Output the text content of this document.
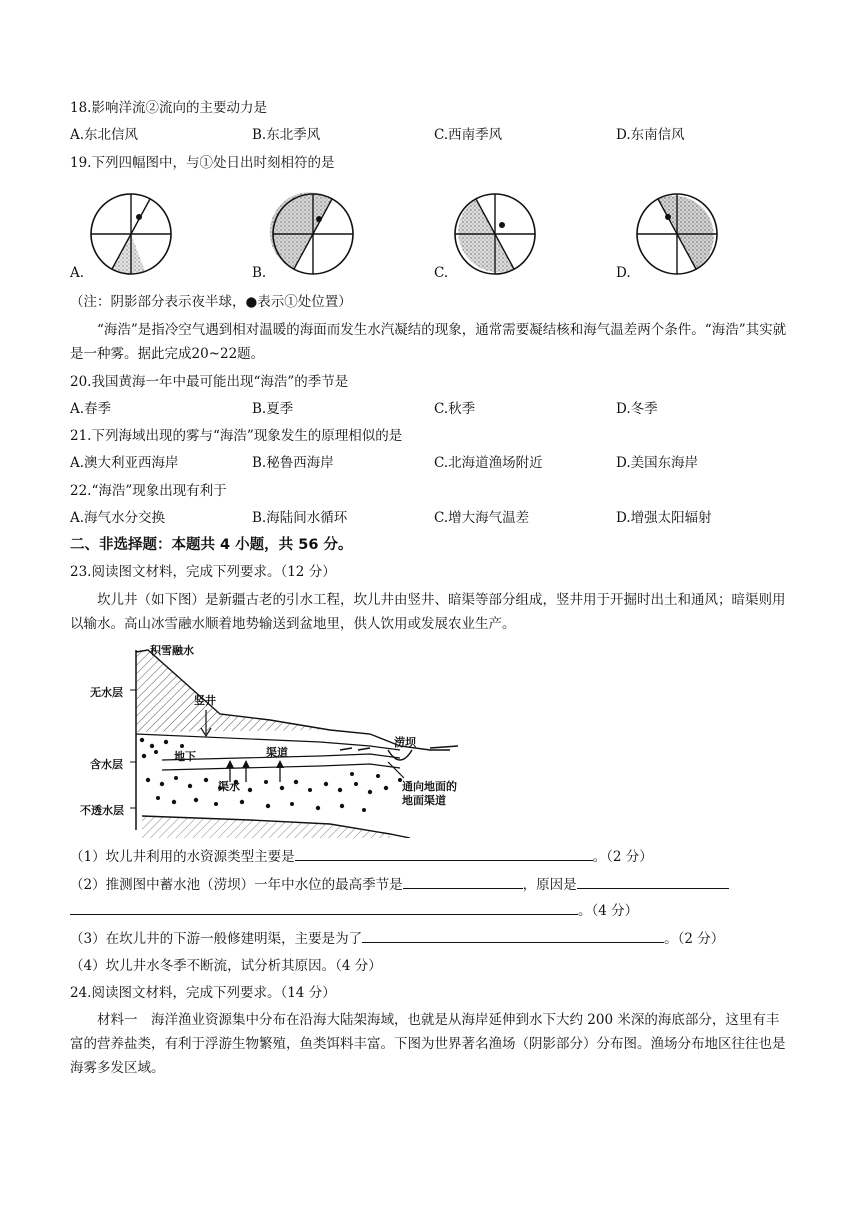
18.影响洋流②流向的主要动力是
A.东北信风	B.东北季风	C.西南季风	D.东南信风
19.下列四幅图中，与①处日出时刻相符的是
A.	B.	C.	D.
（注：阴影部分表示夜半球，●表示①处位置）
“海浩”是指冷空气遇到相对温暖的海面而发生水汽凝结的现象，通常需要凝结核和海气温差两个条件。“海浩”其实就是一种雾。据此完成20~22题。
20.我国黄海一年中最可能出现“海浩”的季节是
A.春季	B.夏季	C.秋季	D.冬季
21.下列海域出现的雾与“海浩”现象发生的原理相似的是
A.澳大利亚西海岸	B.秘鲁西海岸	C.北海道渔场附近	D.美国东海岸
22.“海浩”现象出现有利于
A.海气水分交换	B.海陆间水循环	C.增大海气温差	D.增强太阳辐射
二、非选择题：本题共 4 小题，共 56 分。
23.阅读图文材料，完成下列要求。（12 分）
坎儿井（如下图）是新疆古老的引水工程，坎儿井由竖井、暗渠等部分组成，竖井用于开掘时出土和通风；暗渠则用以输水。高山冰雪融水顺着地势输送到盆地里，供人饮用或发展农业生产。
积雪融水
无水层
竖井
含水层
地下	渠道
涝坝
渠水
不透水层
通向地面的
地面渠道
（1）坎儿井利用的水资源类型主要是	。（2 分）
（2）推测图中蓄水池（涝坝）一年中水位的最高季节是	，原因是
。（4 分）
（3）在坎儿井的下游一般修建明渠，主要是为了	。（2 分）
（4）坎儿井水冬季不断流，试分析其原因。（4 分）
24.阅读图文材料，完成下列要求。（14 分）
材料一　海洋渔业资源集中分布在沿海大陆架海域，也就是从海岸延伸到水下大约 200 米深的海底部分，这里有丰富的营养盐类，有利于浮游生物繁殖，鱼类饵料丰富。下图为世界著名渔场（阴影部分）分布图。渔场分布地区往往也是海雾多发区域。
